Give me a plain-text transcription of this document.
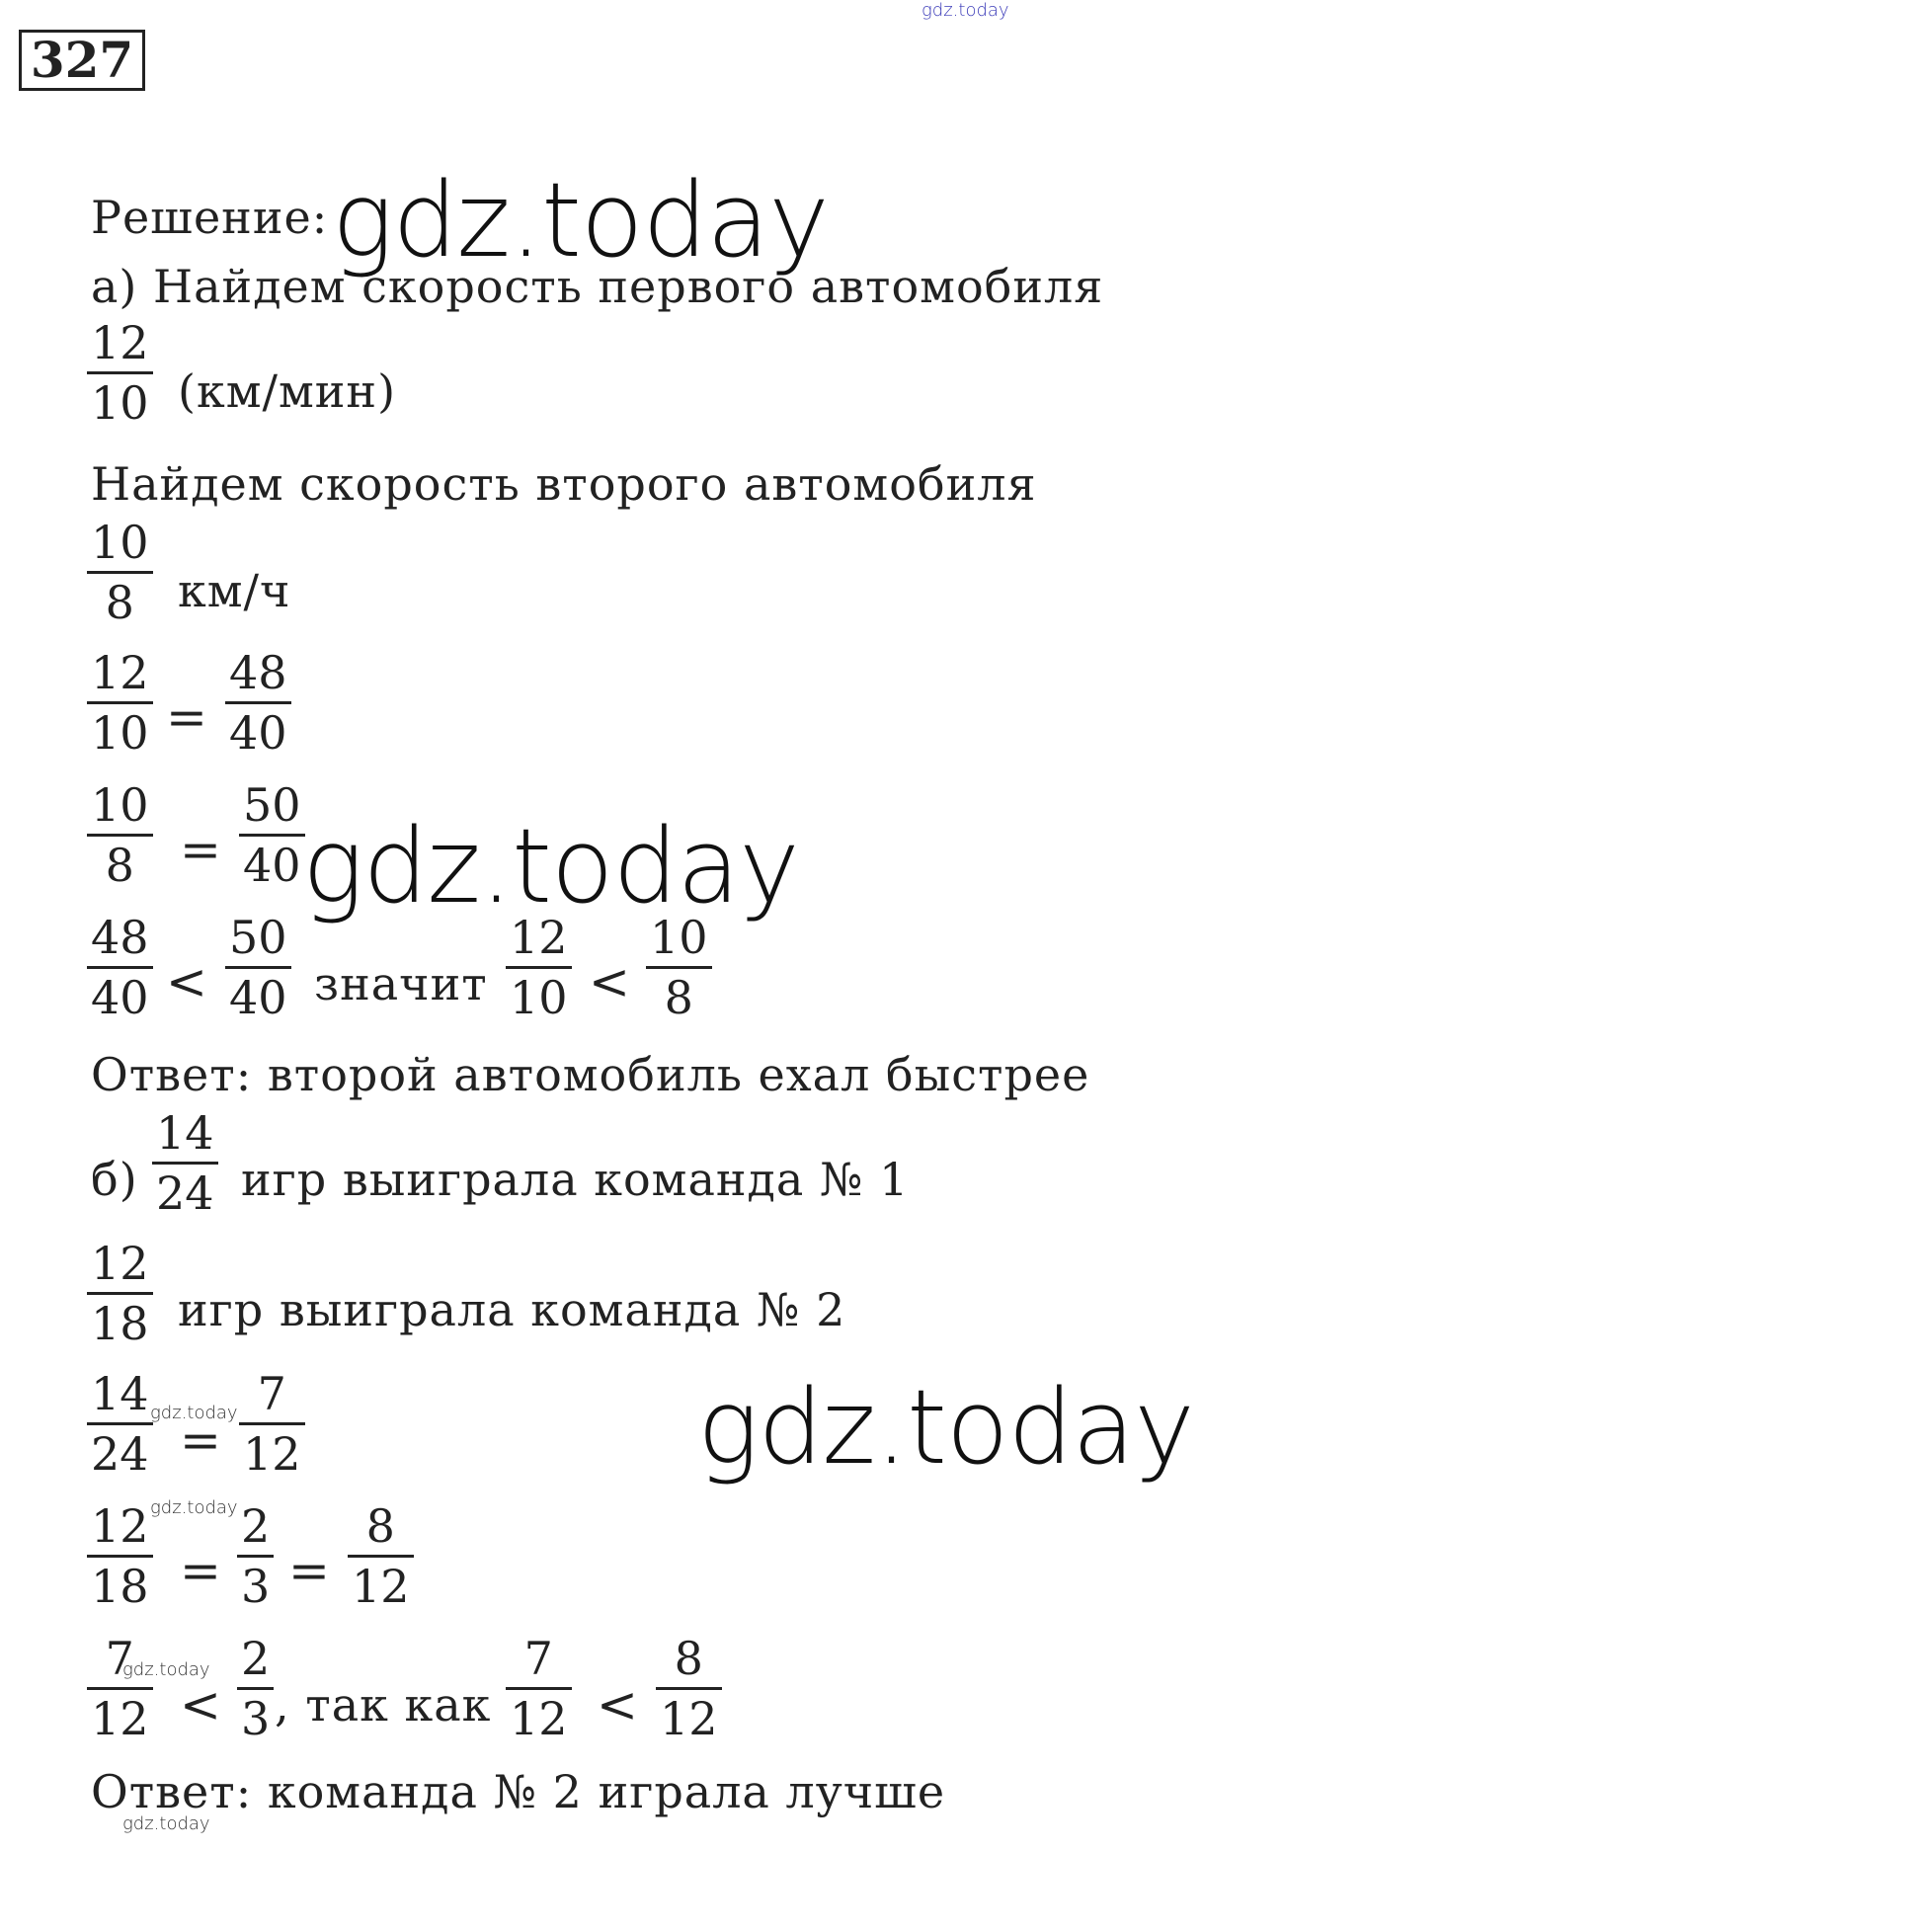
gdz.today
327
Решение: gdz.today
а) Найдем скорость первого автомобиля
12
10 (км/мин)
Найдем скорость второго автомобиля
10
8 км/ч
12
10 =
48
40
10
8 =
50
40 gdz.today
48
40 <
50
40 значит
12
10 <
10
8
Ответ: второй автомобиль ехал быстрее
б)
14
24 игр выиграла команда № 1
12
18 игр выиграла команда № 2
14
24
gdz.today
=
7
12	gdz.today
12
18
gdz.today
=
2
3 =
8
12
7
12
gdz.today
<
2
3 , так как
7
12 <
8
12
Ответ: команда № 2 играла лучше
gdz.today
